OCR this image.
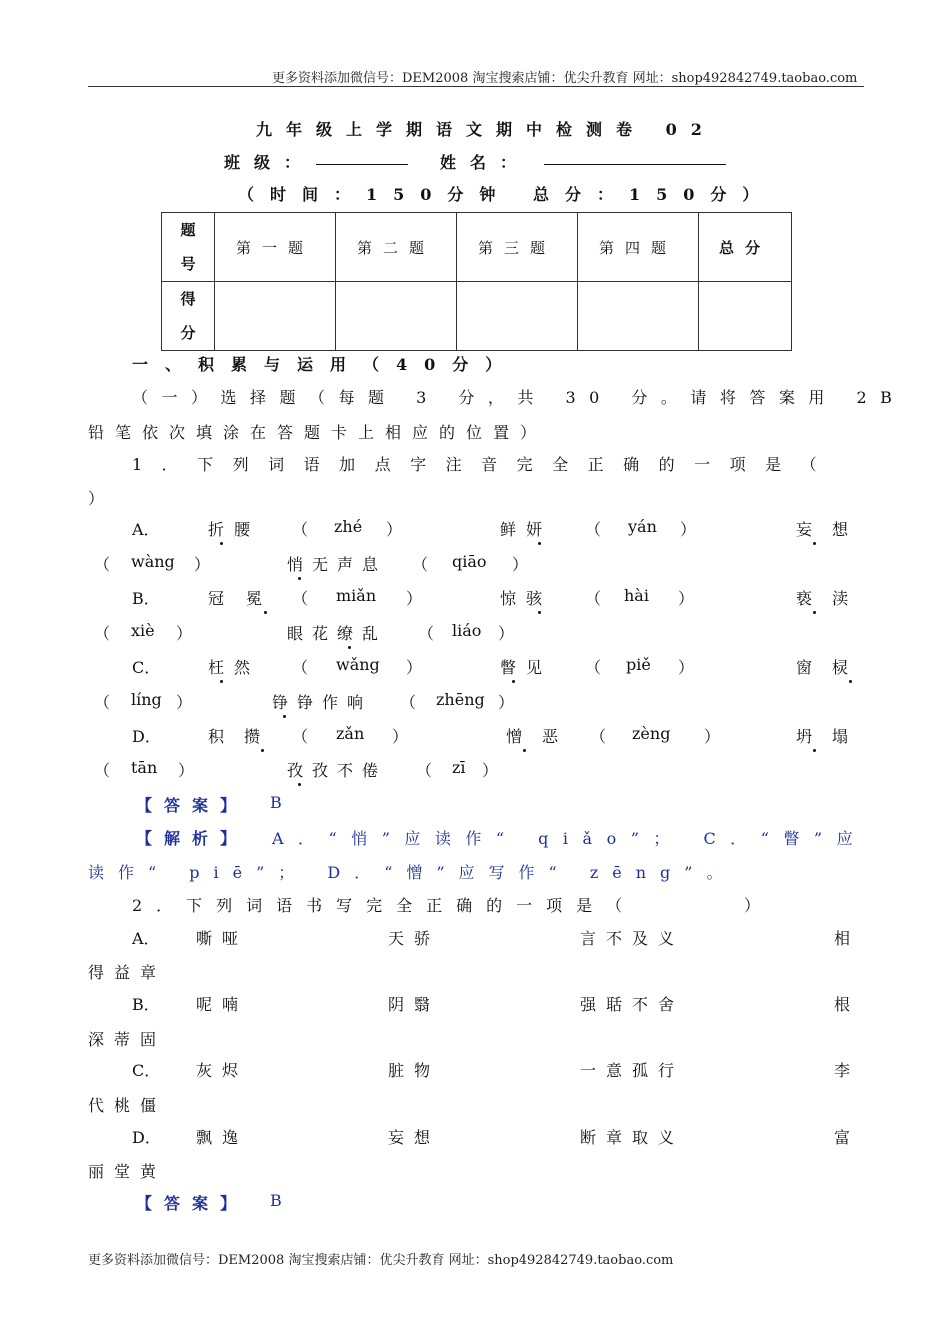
更多资料添加微信号：DEM2008 淘宝搜索店铺：优尖升教育 网址：shop492842749.taobao.com
九年级上学期语文期中检测卷 02
班级：	姓名：
（时间：150分钟 总分：150分）
题号	第一题	第二题	第三题	第四题	总分
得分					
一、积累与运用（40分）
（一）选择题（每题 3 分，共 30 分。请将答案用 2B
铅笔依次填涂在答题卡上相应的位置）
1．下列词语加点字注音完全正确的一项是（
）
A．	折腰 （ zhé ）	鲜妍 （ yán ）	妄想
（ wàng ）	悄无声息 （ qiāo ）
B．	冠冕 （ miǎn ）	惊骇 （ hài ）	亵渎
（ xiè ）	眼花缭乱 （ liáo ）
C．	枉然 （ wǎng ）	瞥见 （ piě ）	窗棂
（ líng ）	铮铮作响 （ zhēng ）
D．	积攒 （ zǎn ）	憎恶 （ zèng ）	坍塌
（ tān ）	孜孜不倦 （ zī ）
【答案】 B
【解析】 A．“悄”应读作“ qiǎo”； C．“瞥”应
读作“ piē”； D．“憎”应写作“ zēng”。
2．下列词语书写完全正确的一项是（	）
A． 嘶哑	天骄	言不及义	相
得益章
B． 呢喃	阴翳	强聒不舍	根
深蒂固
C． 灰烬	脏物	一意孤行	李
代桃僵
D． 飘逸	妄想	断章取义	富
丽堂黄
【答案】 B
更多资料添加微信号：DEM2008 淘宝搜索店铺：优尖升教育 网址：shop492842749.taobao.com
